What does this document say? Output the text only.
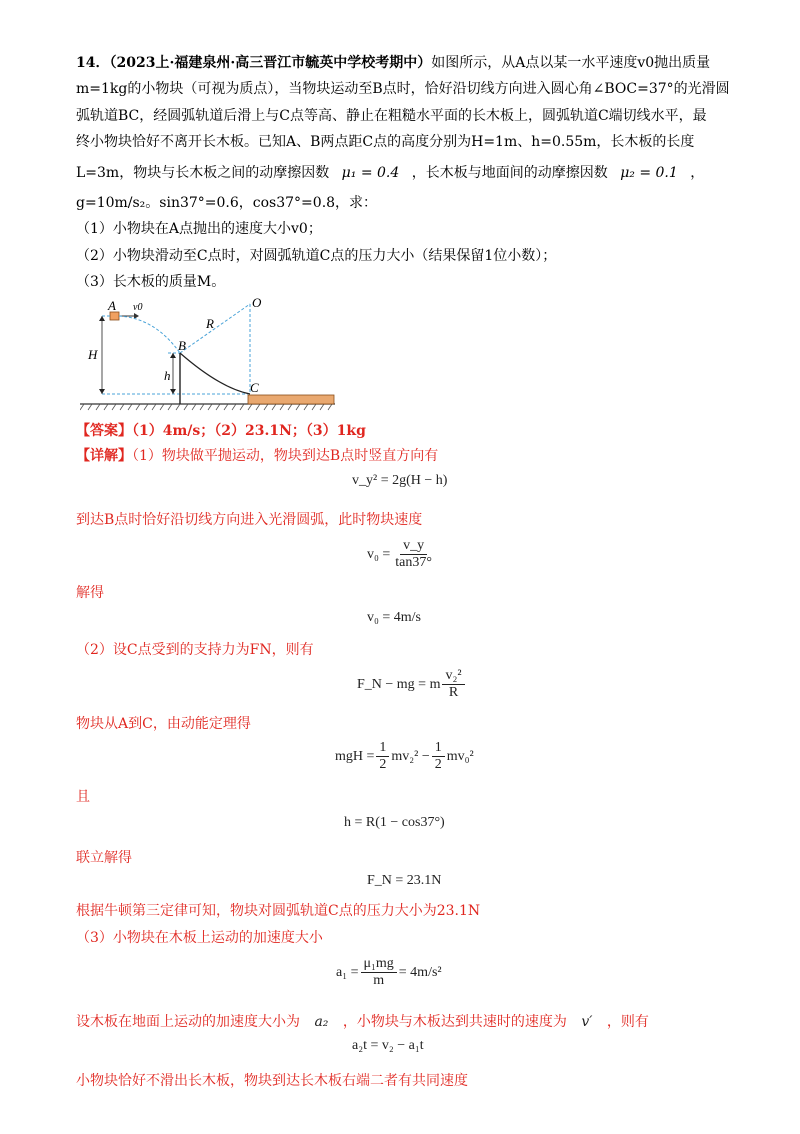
14．（2023上·福建泉州·高三晋江市毓英中学校考期中）如图所示，从A点以某一水平速度v0抛出质量
m=1kg的小物块（可视为质点），当物块运动至B点时，恰好沿切线方向进入圆心角∠BOC=37°的光滑圆
弧轨道BC，经圆弧轨道后滑上与C点等高、静止在粗糙水平面的长木板上，圆弧轨道C端切线水平，最
终小物块恰好不离开长木板。已知A、B两点距C点的高度分别为H=1m、h=0.55m，长木板的长度
L=3m，物块与长木板之间的动摩擦因数 μ₁ = 0.4 ，长木板与地面间的动摩擦因数 μ₂ = 0.1 ，
g=10m/s₂。sin37°=0.6，cos37°=0.8，求：
（1）小物块在A点抛出的速度大小v0；
（2）小物块滑动至C点时，对圆弧轨道C点的压力大小（结果保留1位小数）；
（3）长木板的质量M。
A v0	O
R
B
H
h
C
【答案】（1）4m/s；（2）23.1N；（3）1kg
【详解】（1）物块做平抛运动，物块到达B点时竖直方向有
v_y² = 2g(H − h)
到达B点时恰好沿切线方向进入光滑圆弧，此时物块速度
$v_0 = \frac{v\_y}{\tan 37^\circ}$
解得
v₀ = 4m/s
（2）设C点受到的支持力为FN，则有
F_N − mg = m $\frac{\text{v₂²}}{R}$
物块从A到C，由动能定理得
mgH = $\frac{1}{2} mv_2^2 - \frac{1}{2} mv_0^2$
且
h = R(1 − cos37°)
联立解得
F_N = 23.1N
根据牛顿第三定律可知，物块对圆弧轨道C点的压力大小为23.1N
（3）小物块在木板上运动的加速度大小
$a_1 = \frac{\text{μ₁mg}}{m} = 4m/s^2$
设木板在地面上运动的加速度大小为 a₂ ，小物块与木板达到共速时的速度为 v′ ，则有
a₂t = v₂ − a₁t
小物块恰好不滑出长木板，物块到达长木板右端二者有共同速度
